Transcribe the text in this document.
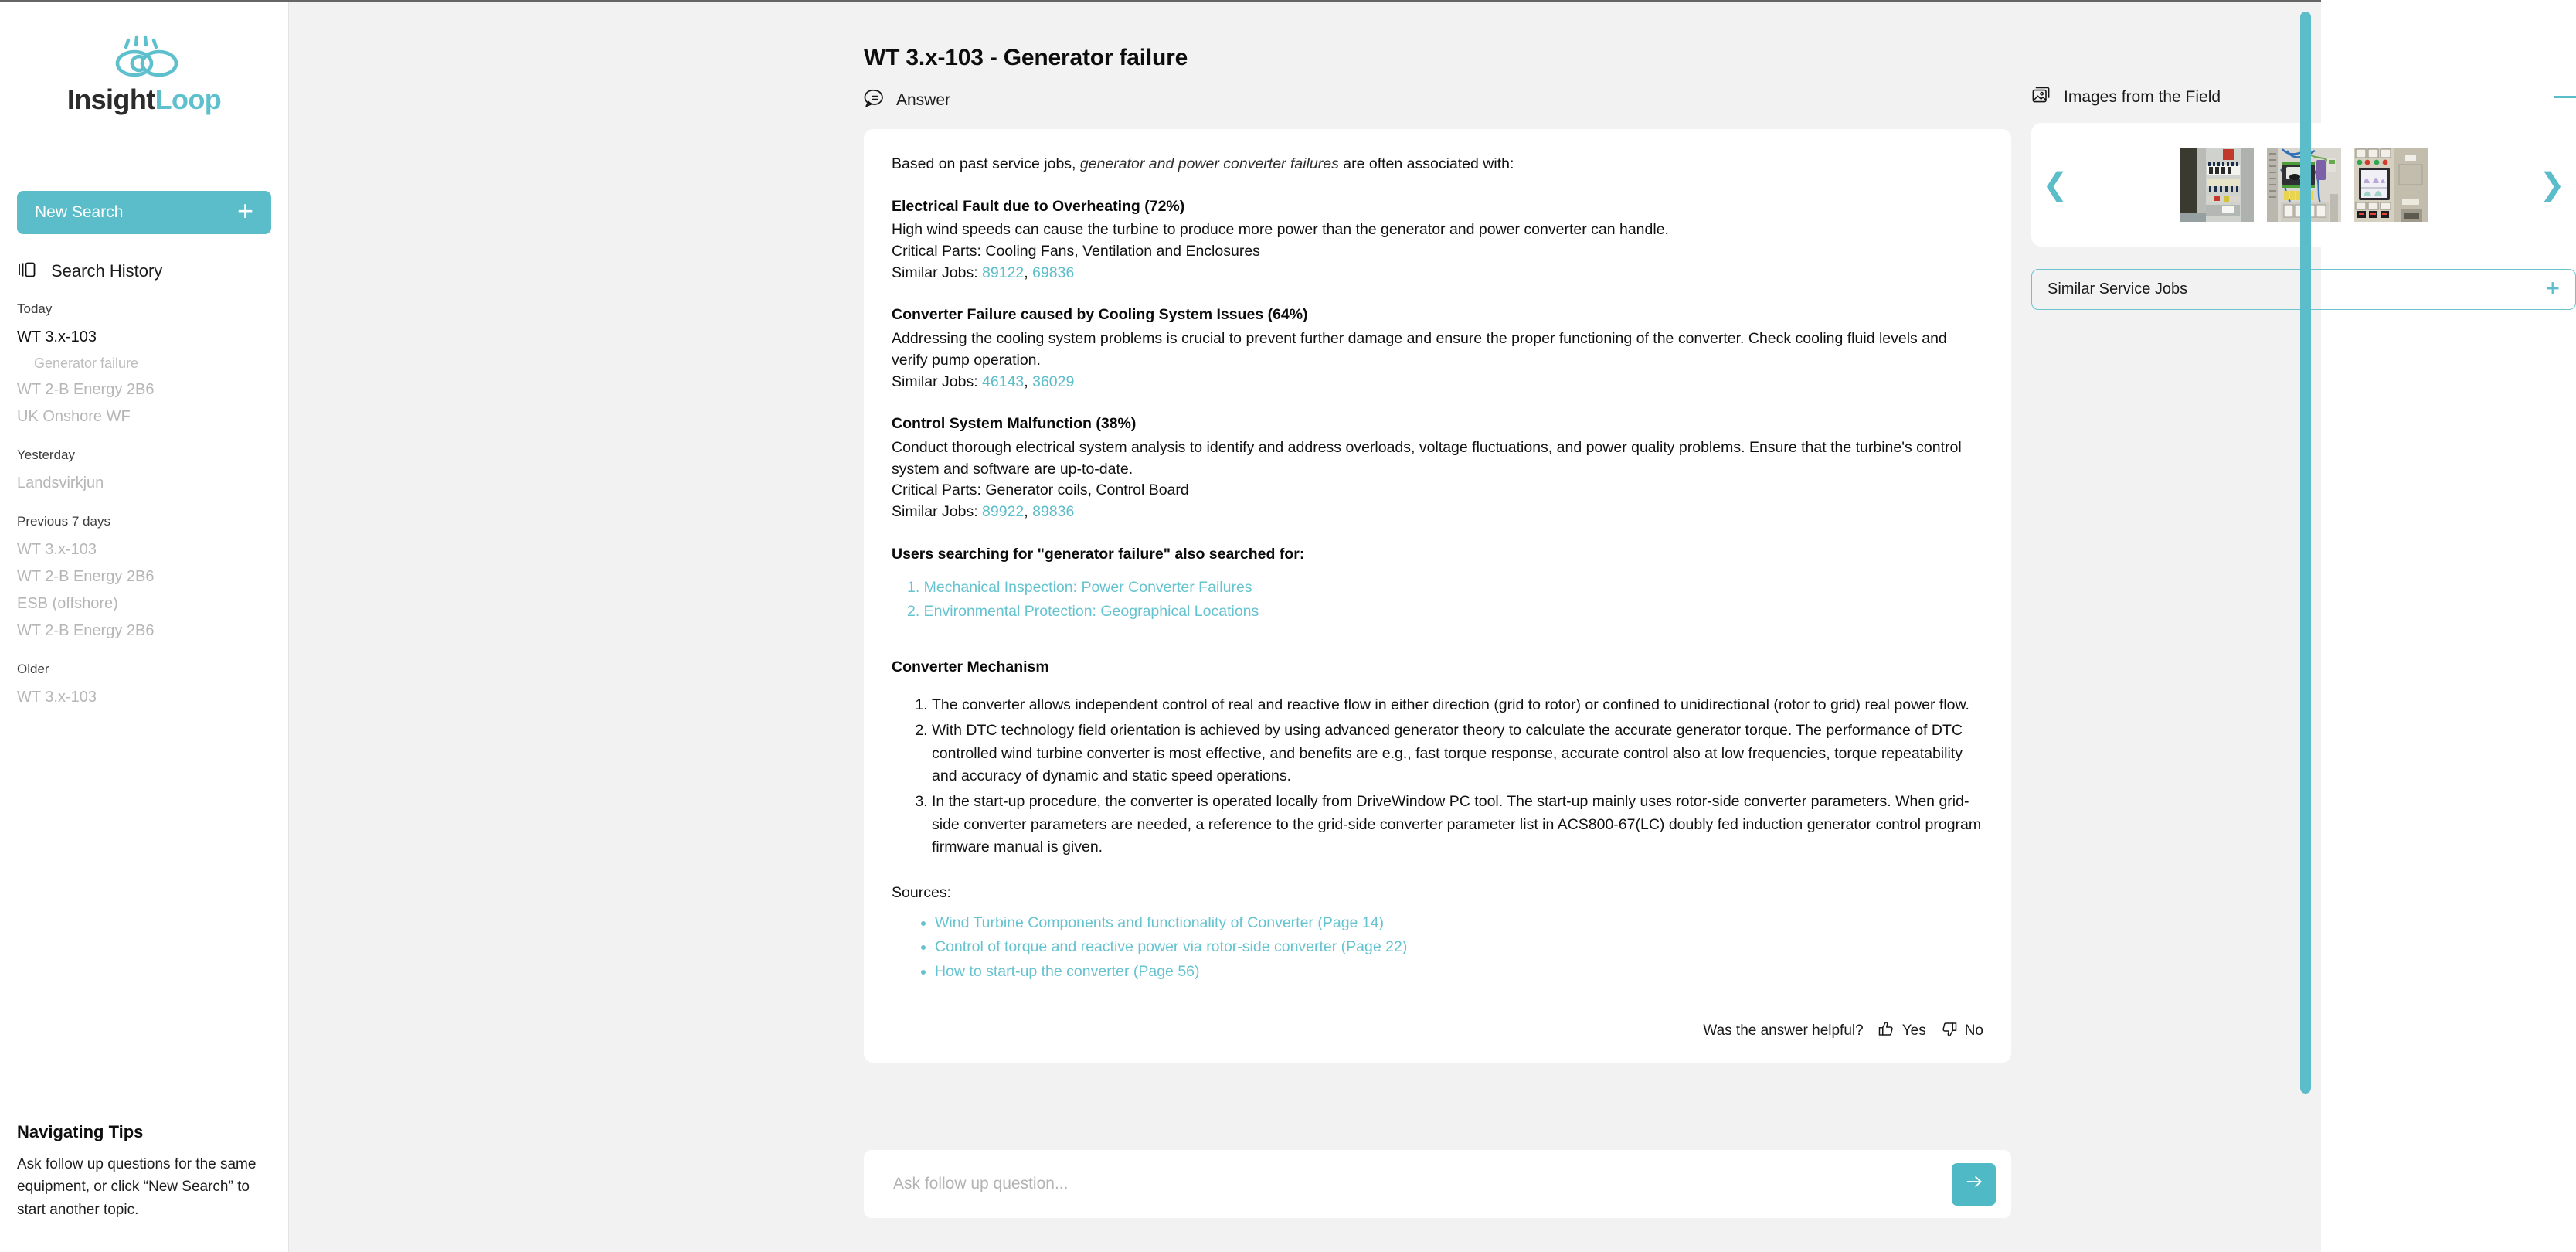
InsightLoop
New Search	+
Search History
Today
WT 3.x-103
Generator failure
WT 2-B Energy 2B6
UK Onshore WF
Yesterday
Landsvirkjun
Previous 7 days
WT 3.x-103
WT 2-B Energy 2B6
ESB (offshore)
WT 2-B Energy 2B6
Older
WT 3.x-103
Navigating Tips

Ask follow up questions for the same equipment, or click “New Search” to start another topic.

WT 3.x-103 - Generator failure
Answer

Based on past service jobs, generator and power converter failures are often associated with:

Electrical Fault due to Overheating (72%)

High wind speeds can cause the turbine to produce more power than the generator and power converter can handle.

Critical Parts: Cooling Fans, Ventilation and Enclosures

Similar Jobs: 89122, 69836

Converter Failure caused by Cooling System Issues (64%)

Addressing the cooling system problems is crucial to prevent further damage and ensure the proper functioning of the converter. Check cooling fluid levels and verify pump operation.

Similar Jobs: 46143, 36029

Control System Malfunction (38%)

Conduct thorough electrical system analysis to identify and address overloads, voltage fluctuations, and power quality problems. Ensure that the turbine's control system and software are up-to-date.

Critical Parts: Generator coils, Control Board

Similar Jobs: 89922, 89836

Users searching for "generator failure" also searched for:

1. Mechanical Inspection: Power Converter Failures
2. Environmental Protection: Geographical Locations

Converter Mechanism

1. The converter allows independent control of real and reactive flow in either direction (grid to rotor) or confined to unidirectional (rotor to grid) real power flow.
2. With DTC technology field orientation is achieved by using advanced generator theory to calculate the accurate generator torque. The performance of DTC controlled wind turbine converter is most effective, and benefits are e.g., fast torque response, accurate control also at low frequencies, torque repeatability and accuracy of dynamic and static speed operations.
3. In the start-up procedure, the converter is operated locally from DriveWindow PC tool. The start-up mainly uses rotor-side converter parameters. When grid-side converter parameters are needed, a reference to the grid-side converter parameter list in ACS800-67(LC) doubly fed induction generator control program firmware manual is given.

Sources:

• Wind Turbine Components and functionality of Converter (Page 14)
• Control of torque and reactive power via rotor-side converter (Page 22)
• How to start-up the converter (Page 56)
Was the answer helpful?	Yes	No
Ask follow up question...
Images from the Field
❮	❯
Similar Service Jobs	+
